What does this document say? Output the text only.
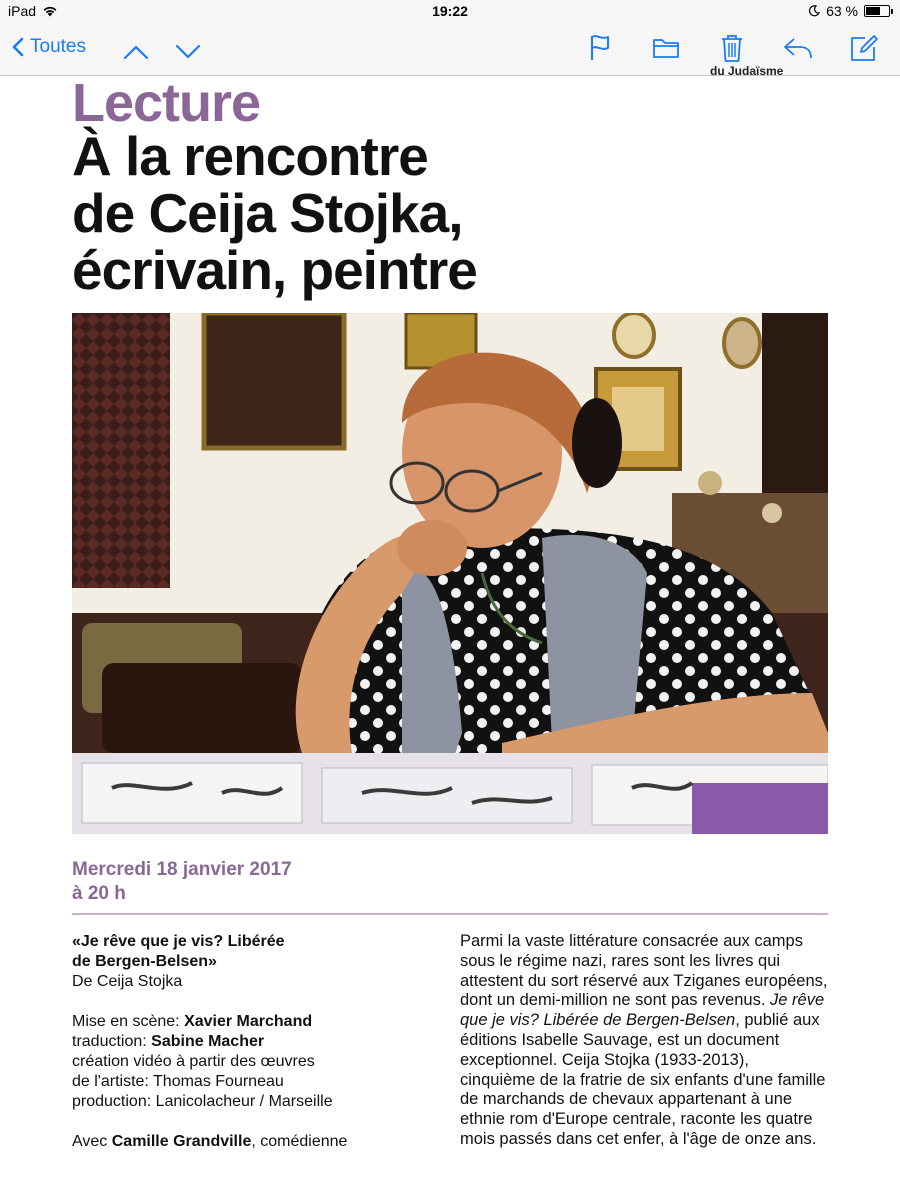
iPad	19:22	63 %
Toutes
du Judaïsme
Lecture
À la rencontre
de Ceija Stojka,
écrivain, peintre
Mercredi 18 janvier 2017
à 20 h

«Je rêve que je vis? Libérée
de Bergen-Belsen»
De Ceija Stojka

Mise en scène: Xavier Marchand
traduction: Sabine Macher
création vidéo à partir des œuvres
de l'artiste: Thomas Fourneau
production: Lanicolacheur / Marseille

Avec Camille Grandville, comédienne

Parmi la vaste littérature consacrée aux camps sous le régime nazi, rares sont les livres qui attestent du sort réservé aux Tziganes européens, dont un demi-million ne sont pas revenus. Je rêve que je vis? Libérée de Bergen-Belsen, publié aux éditions Isabelle Sauvage, est un document exceptionnel. Ceija Stojka (1933-2013), cinquième de la fratrie de six enfants d'une famille de marchands de chevaux appartenant à une ethnie rom d'Europe centrale, raconte les quatre mois passés dans cet enfer, à l'âge de onze ans.
